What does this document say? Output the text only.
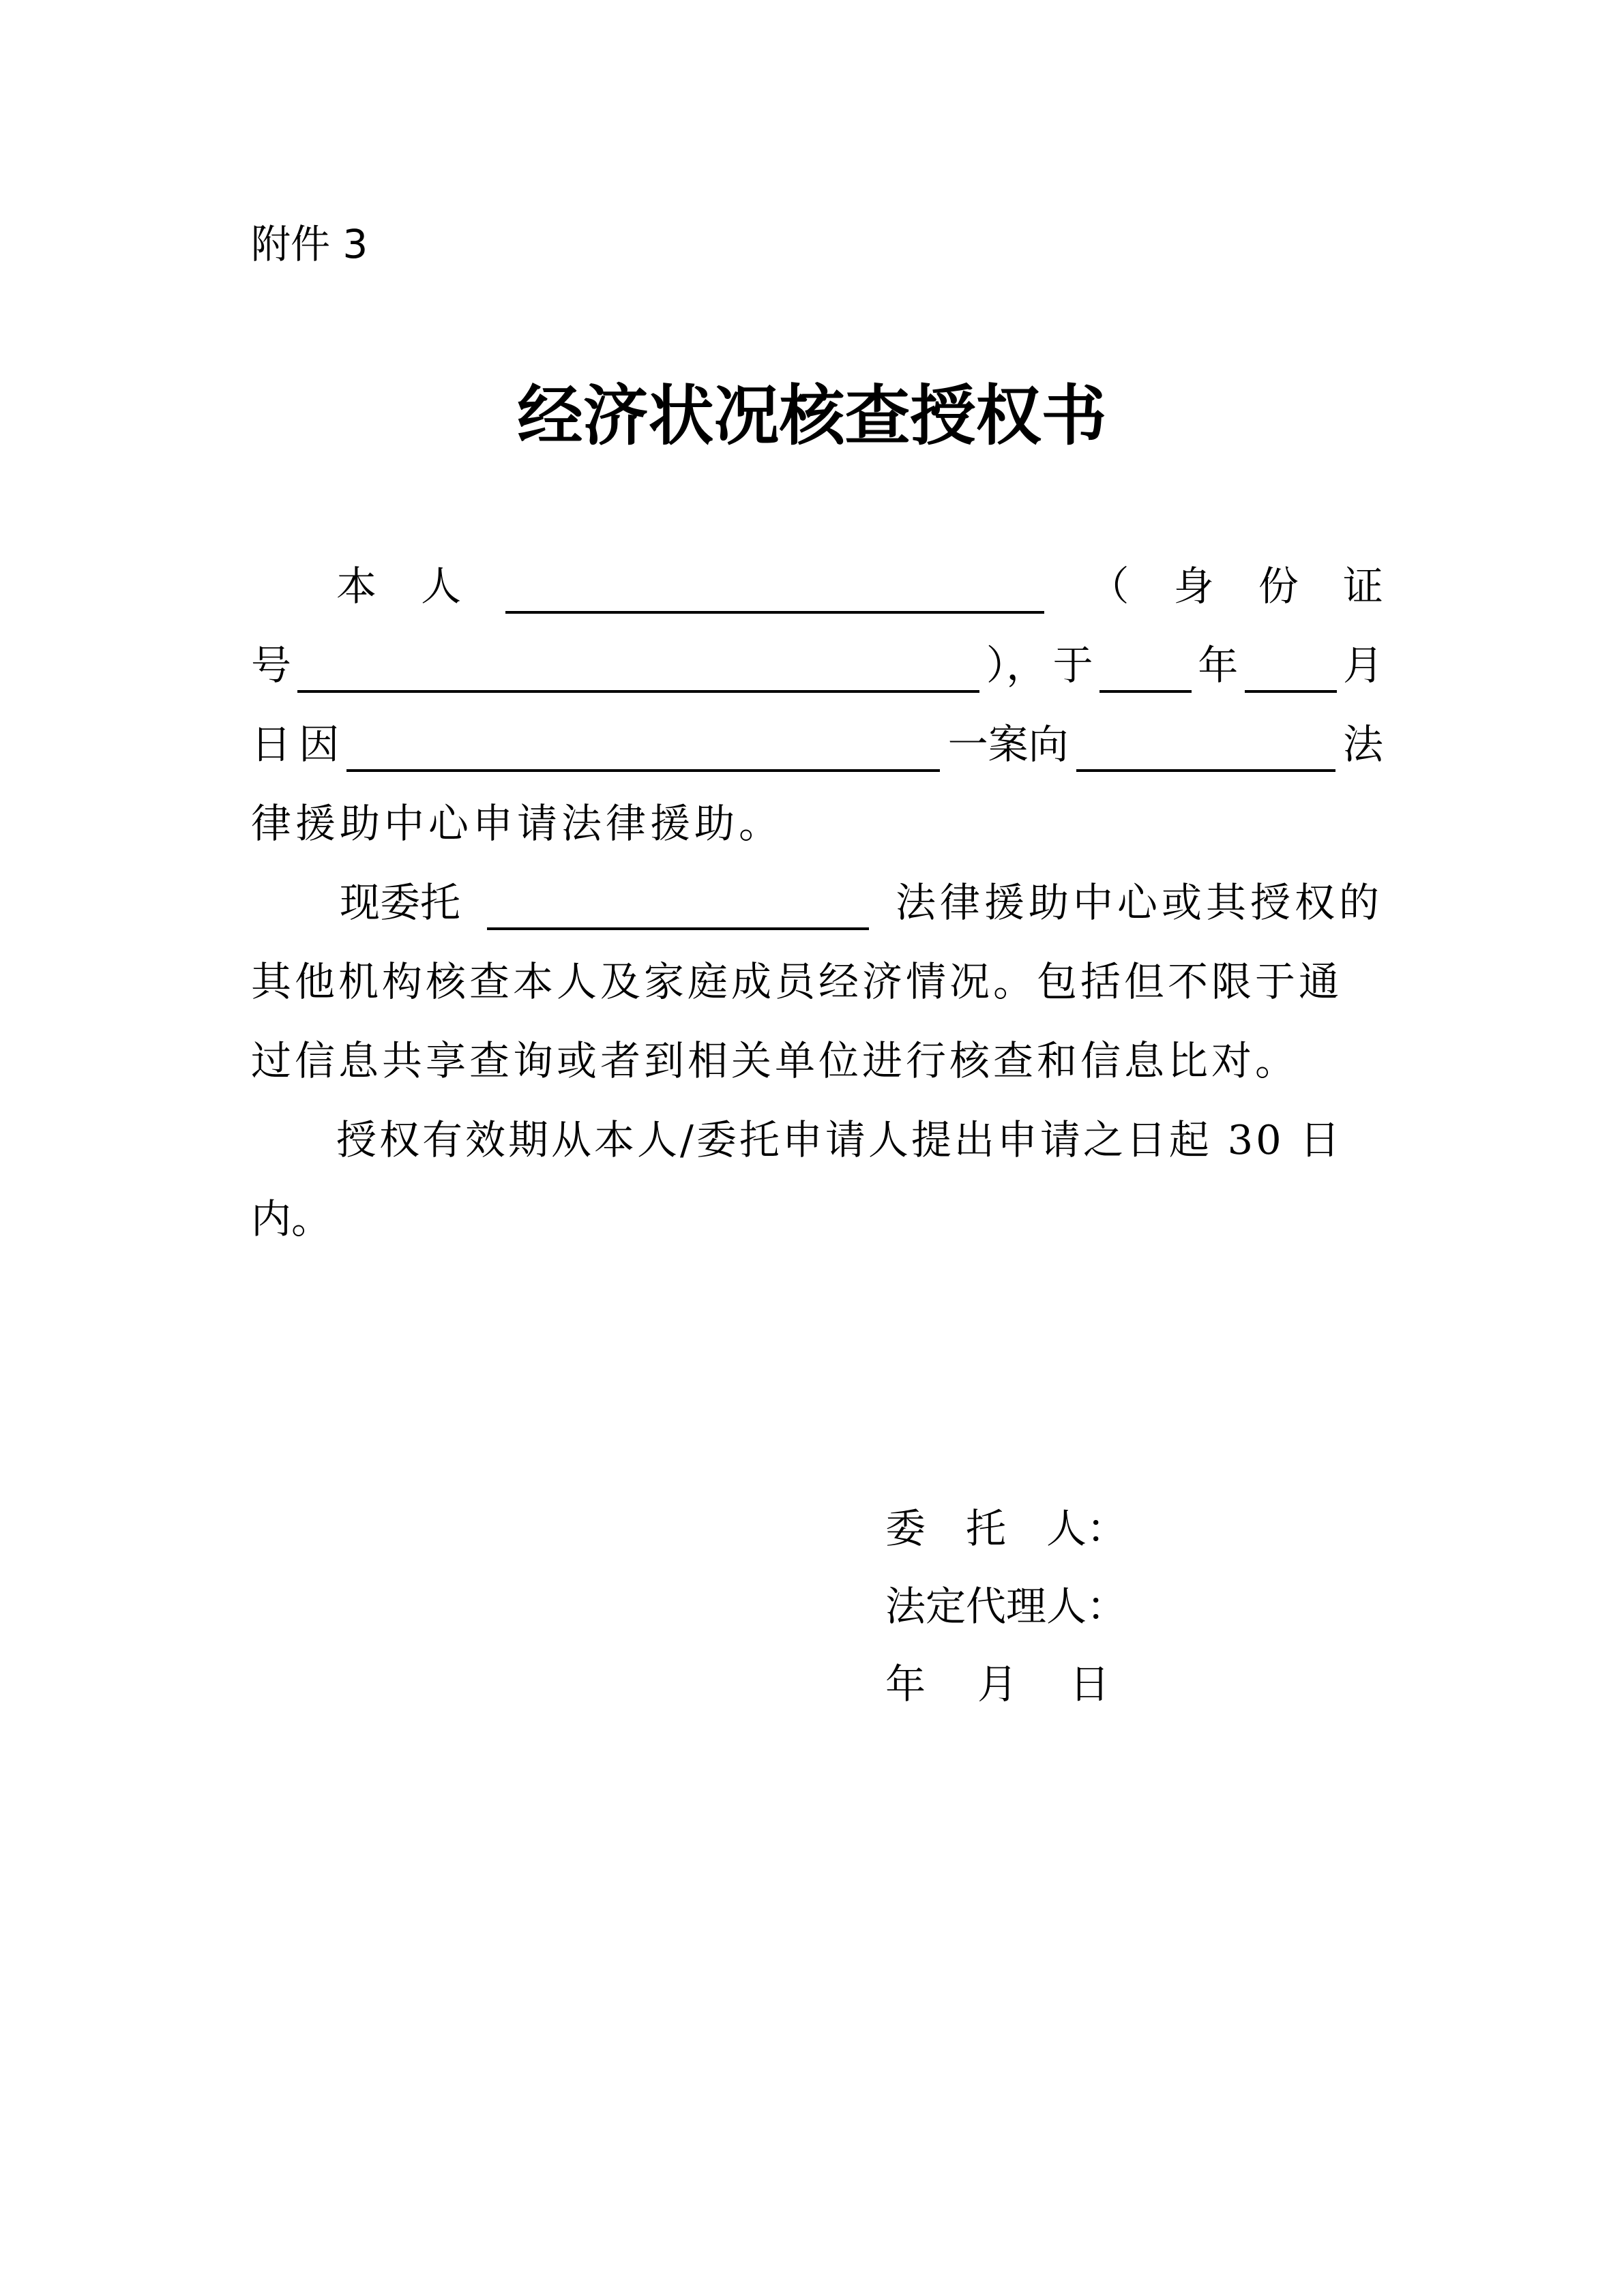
附件 3
经济状况核查授权书
本 人	（ 身 份 证
号	）， 于	年	月
日 因	一案向	法
律援助中心申请法律援助。
现委托	法律援助中心或其授权的
其他机构核查本人及家庭成员经济情况。包括但不限于通
过信息共享查询或者到相关单位进行核查和信息比对。
授权有效期从本人/委托申请人提出申请之日起 30 日
内。
委　托　人：
法定代理人：
年 月 日
